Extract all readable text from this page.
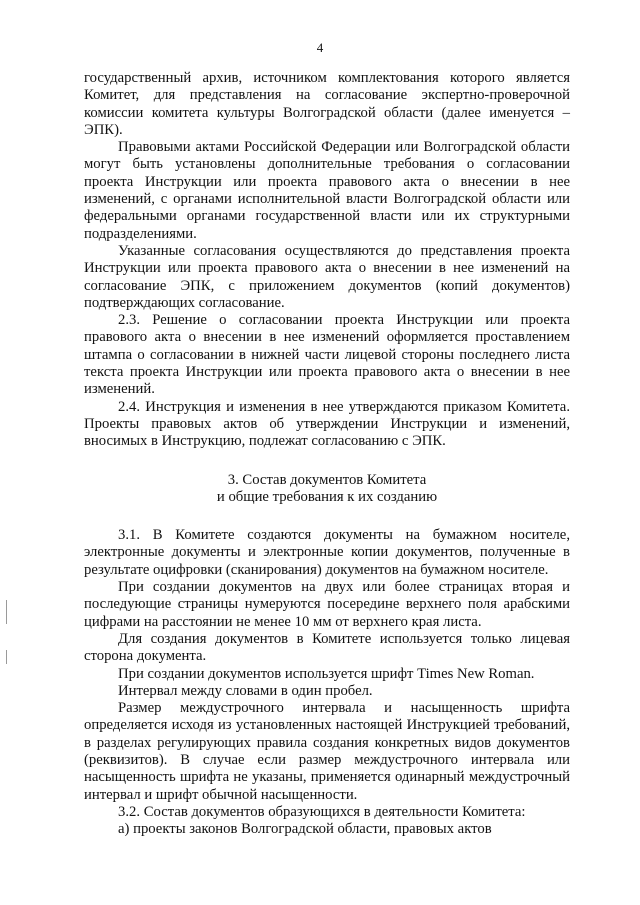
4

государственный архив, источником комплектования которого является Комитет, для представления на согласование экспертно-проверочной комиссии комитета культуры Волгоградской области (далее именуется – ЭПК).

Правовыми актами Российской Федерации или Волгоградской области могут быть установлены дополнительные требования о согласовании проекта Инструкции или проекта правового акта о внесении в нее изменений, с органами исполнительной власти Волгоградской области или федеральными органами государственной власти или их структурными подразделениями.

Указанные согласования осуществляются до представления проекта Инструкции или проекта правового акта о внесении в нее изменений на согласование ЭПК, с приложением документов (копий документов) подтверждающих согласование.

2.3. Решение о согласовании проекта Инструкции или проекта правового акта о внесении в нее изменений оформляется проставлением штампа о согласовании в нижней части лицевой стороны последнего листа текста проекта Инструкции или проекта правового акта о внесении в нее изменений.

2.4. Инструкция и изменения в нее утверждаются приказом Комитета. Проекты правовых актов об утверждении Инструкции и изменений, вносимых в Инструкцию, подлежат согласованию с ЭПК.

3. Состав документов Комитета
и общие требования к их созданию

3.1. В Комитете создаются документы на бумажном носителе, электронные документы и электронные копии документов, полученные в результате оцифровки (сканирования) документов на бумажном носителе.

При создании документов на двух или более страницах вторая и последующие страницы нумеруются посередине верхнего поля арабскими цифрами на расстоянии не менее 10 мм от верхнего края листа.

Для создания документов в Комитете используется только лицевая сторона документа.

При создании документов используется шрифт Times New Roman.

Интервал между словами в один пробел.

Размер междустрочного интервала и насыщенность шрифта определяется исходя из установленных настоящей Инструкцией требований, в разделах регулирующих правила создания конкретных видов документов (реквизитов). В случае если размер междустрочного интервала или насыщенность шрифта не указаны, применяется одинарный междустрочный интервал и шрифт обычной насыщенности.

3.2. Состав документов образующихся в деятельности Комитета:

а) проекты законов Волгоградской области, правовых актов
